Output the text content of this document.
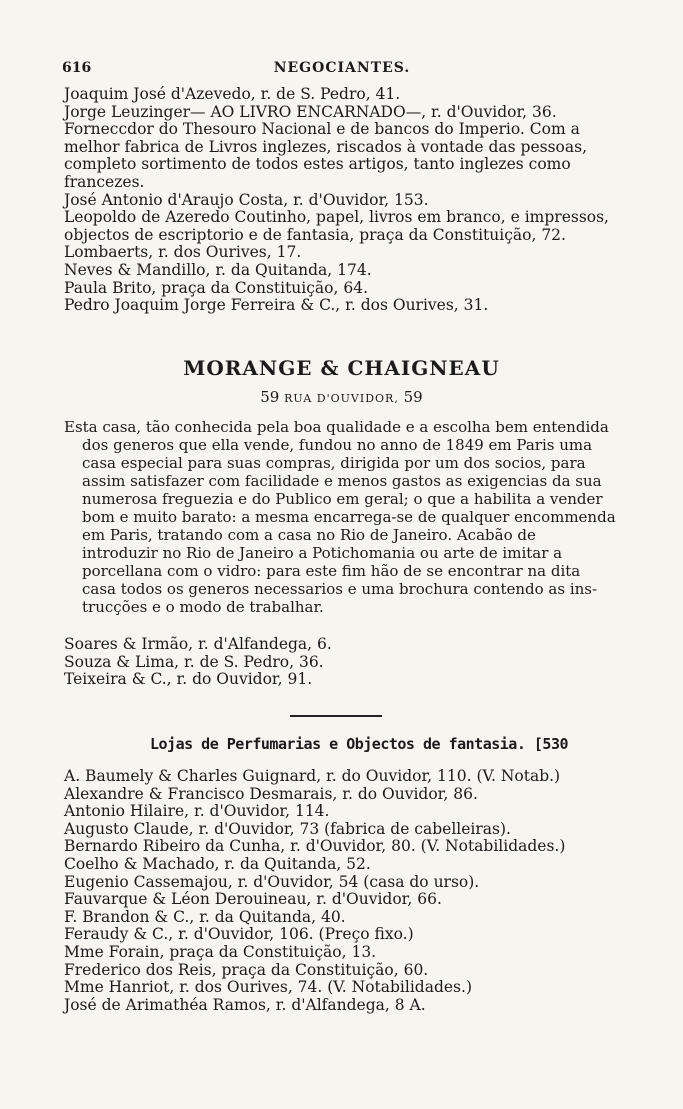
616	NEGOCIANTES.
Joaquim José d'Azevedo, r. de S. Pedro, 41.
Jorge Leuzinger— AO LIVRO ENCARNADO—, r. d'Ouvidor, 36.
Forneccdor do Thesouro Nacional e de bancos do Imperio. Com a
melhor fabrica de Livros inglezes, riscados à vontade das pessoas,
completo sortimento de todos estes artigos, tanto inglezes como
francezes.
José Antonio d'Araujo Costa, r. d'Ouvidor, 153.
Leopoldo de Azeredo Coutinho, papel, livros em branco, e impressos,
objectos de escriptorio e de fantasia, praça da Constituição, 72.
Lombaerts, r. dos Ourives, 17.
Neves & Mandillo, r. da Quitanda, 174.
Paula Brito, praça da Constituição, 64.
Pedro Joaquim Jorge Ferreira & C., r. dos Ourives, 31.
MORANGE & CHAIGNEAU
59 RUA D'OUVIDOR, 59
Esta casa, tão conhecida pela boa qualidade e a escolha bem entendida
dos generos que ella vende, fundou no anno de 1849 em Paris uma
casa especial para suas compras, dirigida por um dos socios, para
assim satisfazer com facilidade e menos gastos as exigencias da sua
numerosa freguezia e do Publico em geral; o que a habilita a vender
bom e muito barato: a mesma encarrega-se de qualquer encommenda
em Paris, tratando com a casa no Rio de Janeiro. Acabão de
introduzir no Rio de Janeiro a Potichomania ou arte de imitar a
porcellana com o vidro: para este fim hão de se encontrar na dita
casa todos os generos necessarios e uma brochura contendo as ins-
trucções e o modo de trabalhar.
Soares & Irmão, r. d'Alfandega, 6.
Souza & Lima, r. de S. Pedro, 36.
Teixeira & C., r. do Ouvidor, 91.
Lojas de Perfumarias e Objectos de fantasia. [530
A. Baumely & Charles Guignard, r. do Ouvidor, 110. (V. Notab.)
Alexandre & Francisco Desmarais, r. do Ouvidor, 86.
Antonio Hilaire, r. d'Ouvidor, 114.
Augusto Claude, r. d'Ouvidor, 73 (fabrica de cabelleiras).
Bernardo Ribeiro da Cunha, r. d'Ouvidor, 80. (V. Notabilidades.)
Coelho & Machado, r. da Quitanda, 52.
Eugenio Cassemajou, r. d'Ouvidor, 54 (casa do urso).
Fauvarque & Léon Derouineau, r. d'Ouvidor, 66.
F. Brandon & C., r. da Quitanda, 40.
Feraudy & C., r. d'Ouvidor, 106. (Preço fixo.)
Mme Forain, praça da Constituição, 13.
Frederico dos Reis, praça da Constituição, 60.
Mme Hanriot, r. dos Ourives, 74. (V. Notabilidades.)
José de Arimathéa Ramos, r. d'Alfandega, 8 A.
